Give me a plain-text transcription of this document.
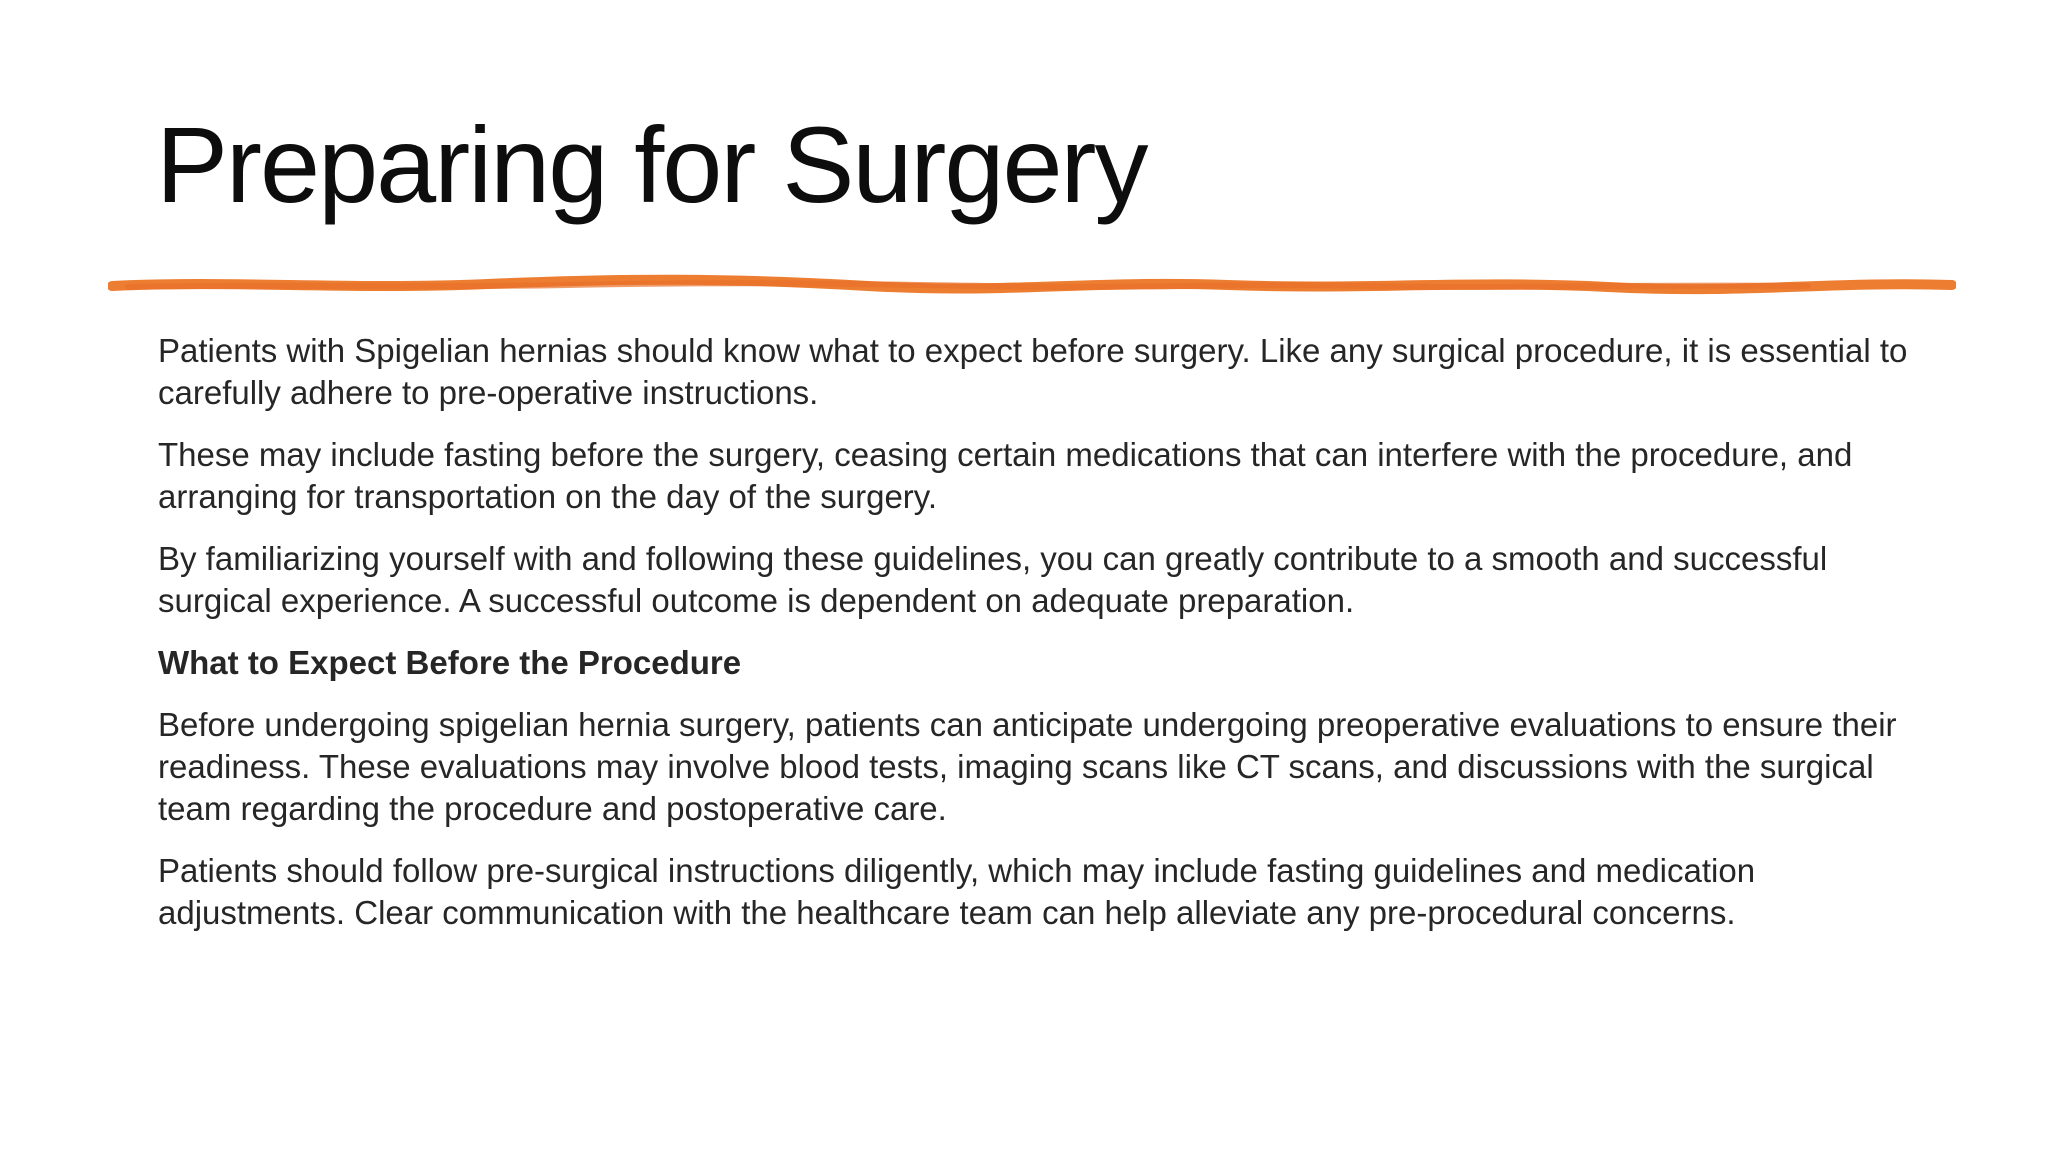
Preparing for Surgery

Patients with Spigelian hernias should know what to expect before surgery. Like any surgical procedure, it is essential to carefully adhere to pre-operative instructions.

These may include fasting before the surgery, ceasing certain medications that can interfere with the procedure, and arranging for transportation on the day of the surgery.

By familiarizing yourself with and following these guidelines, you can greatly contribute to a smooth and successful surgical experience. A successful outcome is dependent on adequate preparation.

What to Expect Before the Procedure

Before undergoing spigelian hernia surgery, patients can anticipate undergoing preoperative evaluations to ensure their readiness. These evaluations may involve blood tests, imaging scans like CT scans, and discussions with the surgical team regarding the procedure and postoperative care.

Patients should follow pre-surgical instructions diligently, which may include fasting guidelines and medication adjustments. Clear communication with the healthcare team can help alleviate any pre-procedural concerns.
